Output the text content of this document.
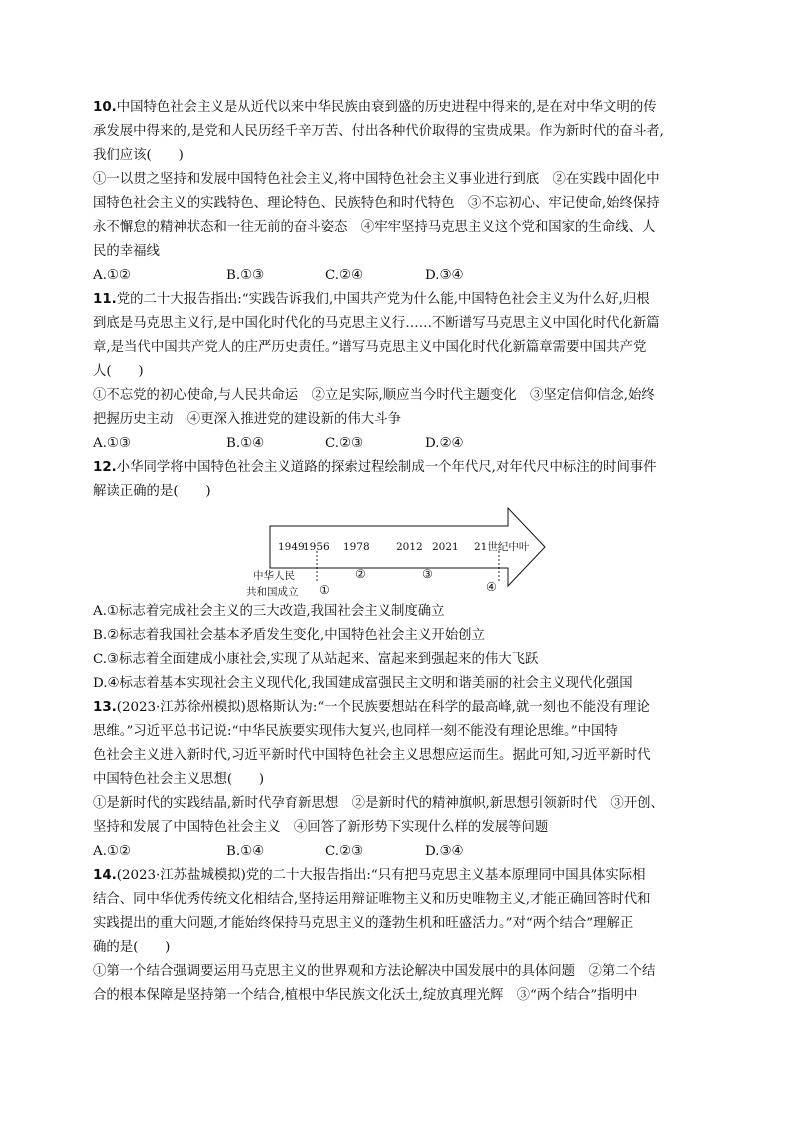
10.中国特色社会主义是从近代以来中华民族由衰到盛的历史进程中得来的,是在对中华文明的传
承发展中得来的,是党和人民历经千辛万苦、付出各种代价取得的宝贵成果。作为新时代的奋斗者,
我们应该(　　)
①一以贯之坚持和发展中国特色社会主义,将中国特色社会主义事业进行到底　②在实践中固化中
国特色社会主义的实践特色、理论特色、民族特色和时代特色　③不忘初心、牢记使命,始终保持
永不懈怠的精神状态和一往无前的奋斗姿态　④牢牢坚持马克思主义这个党和国家的生命线、人
民的幸福线
A.①②	B.①③	C.②④	D.③④
11.党的二十大报告指出:“实践告诉我们,中国共产党为什么能,中国特色社会主义为什么好,归根
到底是马克思主义行,是中国化时代化的马克思主义行……不断谱写马克思主义中国化时代化新篇
章,是当代中国共产党人的庄严历史责任。”谱写马克思主义中国化时代化新篇章需要中国共产党
人(　　)
①不忘党的初心使命,与人民共命运　②立足实际,顺应当今时代主题变化　③坚定信仰信念,始终
把握历史主动　④更深入推进党的建设新的伟大斗争
A.①③	B.①④	C.②③	D.②④
12.小华同学将中国特色社会主义道路的探索过程绘制成一个年代尺,对年代尺中标注的时间事件
解读正确的是(　　)
1949
1956 1978	2012 2021 21世纪中叶
②	③
④
①
中华人民
共和国成立
A.①标志着完成社会主义的三大改造,我国社会主义制度确立
B.②标志着我国社会基本矛盾发生变化,中国特色社会主义开始创立
C.③标志着全面建成小康社会,实现了从站起来、富起来到强起来的伟大飞跃
D.④标志着基本实现社会主义现代化,我国建成富强民主文明和谐美丽的社会主义现代化强国
13.(2023·江苏徐州模拟)恩格斯认为:“一个民族要想站在科学的最高峰,就一刻也不能没有理论
思维。”习近平总书记说:“中华民族要实现伟大复兴,也同样一刻不能没有理论思维。”中国特
色社会主义进入新时代,习近平新时代中国特色社会主义思想应运而生。据此可知,习近平新时代
中国特色社会主义思想(　　)
①是新时代的实践结晶,新时代孕育新思想　②是新时代的精神旗帜,新思想引领新时代　③开创、
坚持和发展了中国特色社会主义　④回答了新形势下实现什么样的发展等问题
A.①②	B.①④	C.②③	D.③④
14.(2023·江苏盐城模拟)党的二十大报告指出:“只有把马克思主义基本原理同中国具体实际相
结合、同中华优秀传统文化相结合,坚持运用辩证唯物主义和历史唯物主义,才能正确回答时代和
实践提出的重大问题,才能始终保持马克思主义的蓬勃生机和旺盛活力。”对“两个结合”理解正
确的是(　　)
①第一个结合强调要运用马克思主义的世界观和方法论解决中国发展中的具体问题　②第二个结
合的根本保障是坚持第一个结合,植根中华民族文化沃土,绽放真理光辉　③“两个结合”指明中
